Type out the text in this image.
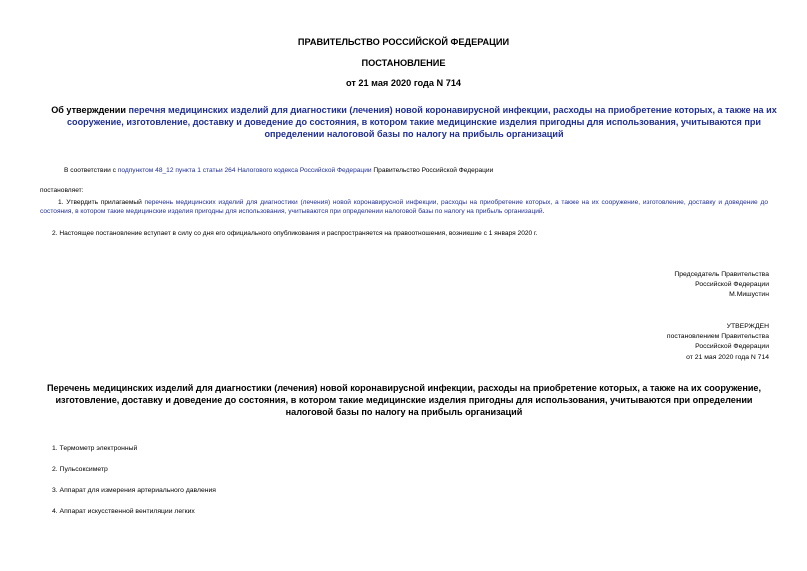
ПРАВИТЕЛЬСТВО РОССИЙСКОЙ ФЕДЕРАЦИИ
ПОСТАНОВЛЕНИЕ
от 21 мая 2020 года N 714
Об утверждении перечня медицинских изделий для диагностики (лечения) новой коронавирусной инфекции, расходы на приобретение которых, а также на их сооружение, изготовление, доставку и доведение до состояния, в котором такие медицинские изделия пригодны для использования, учитываются при определении налоговой базы по налогу на прибыль организаций
В соответствии с подпунктом 48_12 пункта 1 статьи 264 Налогового кодекса Российской Федерации Правительство Российской Федерации
постановляет:
1. Утвердить прилагаемый перечень медицинских изделий для диагностики (лечения) новой коронавирусной инфекции, расходы на приобретение которых, а также на их сооружение, изготовление, доставку и доведение до состояния, в котором такие медицинские изделия пригодны для использования, учитываются при определении налоговой базы по налогу на прибыль организаций.
2. Настоящее постановление вступает в силу со дня его официального опубликования и распространяется на правоотношения, возникшие с 1 января 2020 г.
Председатель Правительства
Российской Федерации
М.Мишустин
УТВЕРЖДЕН
постановлением Правительства
Российской Федерации
от 21 мая 2020 года N 714
Перечень медицинских изделий для диагностики (лечения) новой коронавирусной инфекции, расходы на приобретение которых, а также на их сооружение, изготовление, доставку и доведение до состояния, в котором такие медицинские изделия пригодны для использования, учитываются при определении налоговой базы по налогу на прибыль организаций
1. Термометр электронный
2. Пульсоксиметр
3. Аппарат для измерения артериального давления
4. Аппарат искусственной вентиляции легких
